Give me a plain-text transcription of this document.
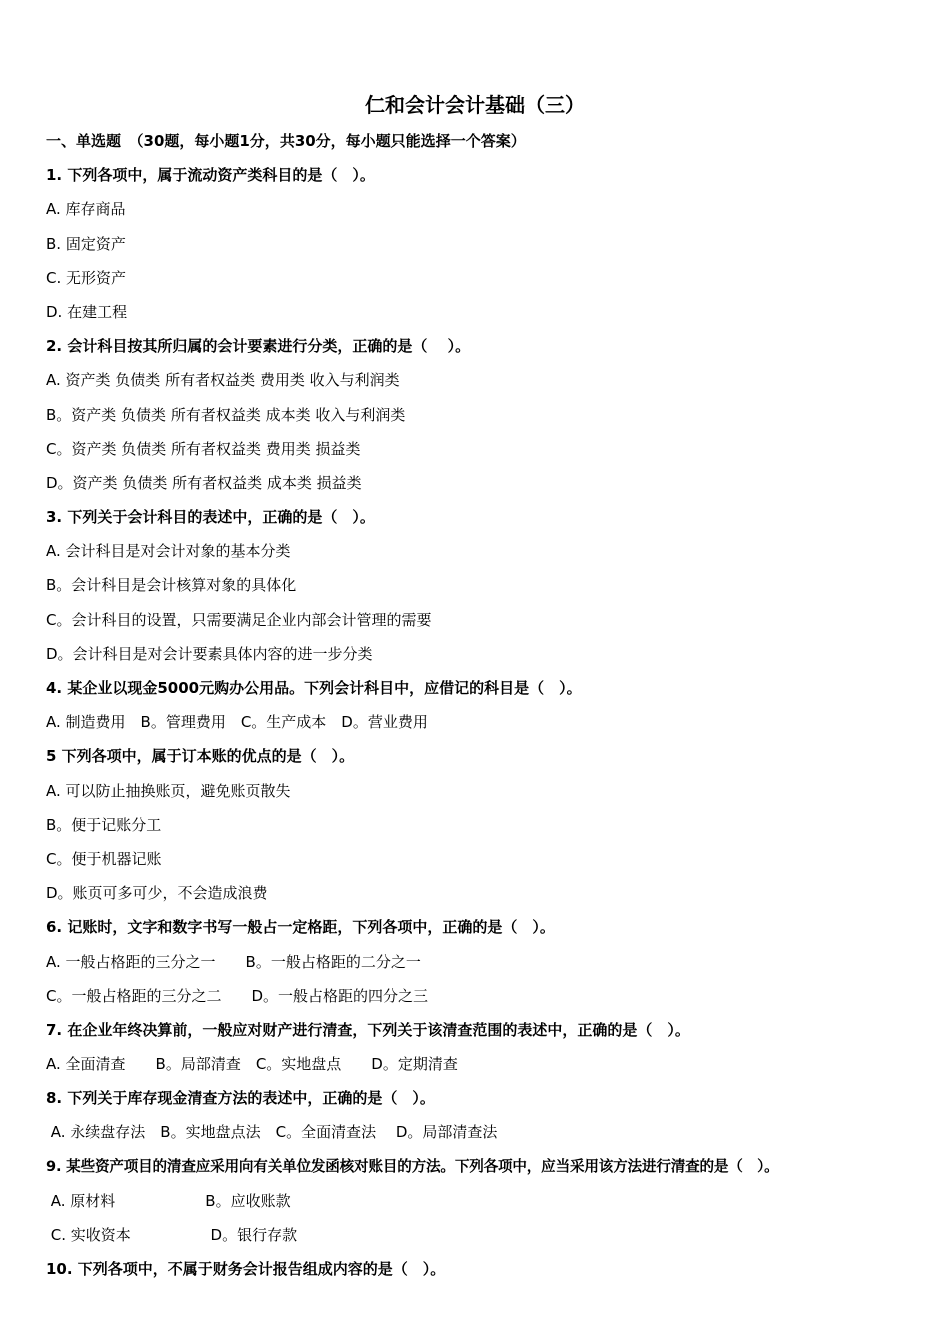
仁和会计会计基础（三）
一、单选题　（30题，每小题1分，共30分，每小题只能选择一个答案）
1. 下列各项中，属于流动资产类科目的是（　）。
A. 库存商品
B. 固定资产
C. 无形资产
D. 在建工程
2. 会计科目按其所归属的会计要素进行分类，正确的是（　 ）。
A. 资产类 负债类 所有者权益类 费用类 收入与利润类
B。资产类 负债类 所有者权益类 成本类 收入与利润类
C。资产类 负债类 所有者权益类 费用类 损益类
D。资产类 负债类 所有者权益类 成本类 损益类
3. 下列关于会计科目的表述中，正确的是（　）。
A. 会计科目是对会计对象的基本分类
B。会计科目是会计核算对象的具体化
C。会计科目的设置，只需要满足企业内部会计管理的需要
D。会计科目是对会计要素具体内容的进一步分类
4. 某企业以现金5000元购办公用品。下列会计科目中，应借记的科目是（　）。
A. 制造费用　B。管理费用　C。生产成本　D。营业费用
5 下列各项中，属于订本账的优点的是（　）。
A. 可以防止抽换账页，避免账页散失
B。便于记账分工
C。便于机器记账
D。账页可多可少，不会造成浪费
6. 记账时，文字和数字书写一般占一定格距，下列各项中，正确的是（　）。
A. 一般占格距的三分之一　　B。一般占格距的二分之一
C。一般占格距的三分之二　　D。一般占格距的四分之三
7. 在企业年终决算前，一般应对财产进行清查，下列关于该清查范围的表述中，正确的是（　）。
A. 全面清查　　B。局部清查　C。实地盘点　　D。定期清查
8. 下列关于库存现金清查方法的表述中，正确的是（　）。
A. 永续盘存法　B。实地盘点法　C。全面清查法　 D。局部清查法
9. 某些资产项目的清查应采用向有关单位发函核对账目的方法。下列各项中，应当采用该方法进行清查的是（　）。
A. 原材料　　　　　　B。应收账款
C. 实收资本　　　　　 D。银行存款
10. 下列各项中，不属于财务会计报告组成内容的是（　）。
